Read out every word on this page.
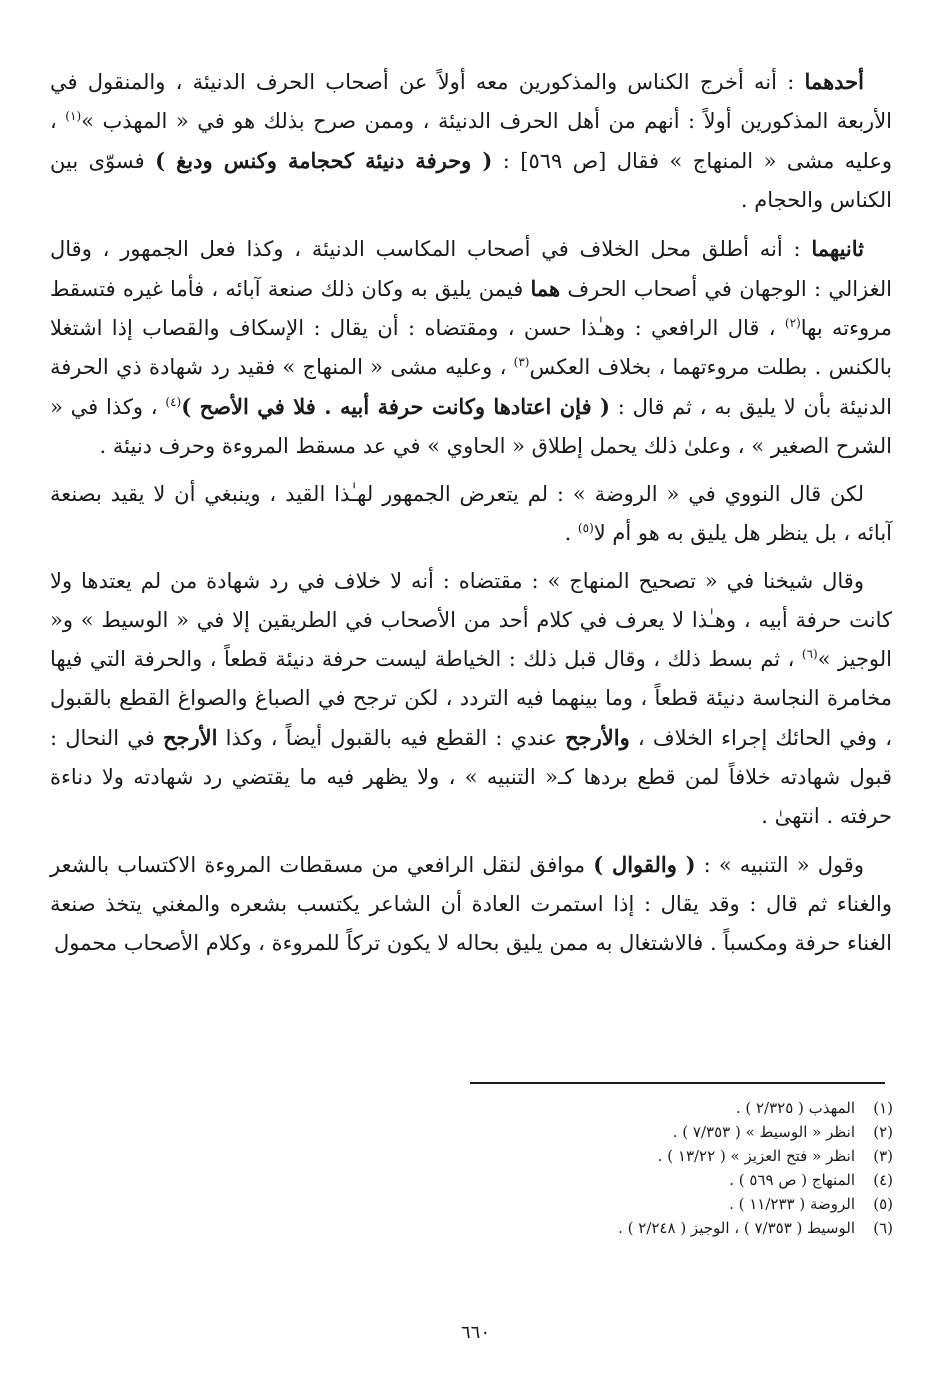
أحدهما : أنه أخرج الكناس والمذكورين معه أولاً عن أصحاب الحرف الدنيئة ، والمنقول في الأربعة المذكورين أولاً : أنهم من أهل الحرف الدنيئة ، وممن صرح بذلك هو في « المهذب »$^{(١)}$ ، وعليه مشى « المنهاج » فقال [ص ٥٦٩] : ( وحرفة دنيئة كحجامة وكنس ودبغ ) فسوّى بين الكناس والحجام .

ثانيهما : أنه أطلق محل الخلاف في أصحاب المكاسب الدنيئة ، وكذا فعل الجمهور ، وقال الغزالي : الوجهان في أصحاب الحرف هما فيمن يليق به وكان ذلك صنعة آبائه ، فأما غيره فتسقط مروءته بها$^{(٢)}$ ، قال الرافعي : وهـٰذا حسن ، ومقتضاه : أن يقال : الإسكاف والقصاب إذا اشتغلا بالكنس . بطلت مروءتهما ، بخلاف العكس$^{(٣)}$ ، وعليه مشى « المنهاج » فقيد رد شهادة ذي الحرفة الدنيئة بأن لا يليق به ، ثم قال : ( فإن اعتادها وكانت حرفة أبيه . فلا في الأصح )$^{(٤)}$ ، وكذا في « الشرح الصغير » ، وعلىٰ ذلك يحمل إطلاق « الحاوي » في عد مسقط المروءة وحرف دنيئة .

لكن قال النووي في « الروضة » : لم يتعرض الجمهور لهـٰذا القيد ، وينبغي أن لا يقيد بصنعة آبائه ، بل ينظر هل يليق به هو أم لا$^{(٥)}$ .

وقال شيخنا في « تصحيح المنهاج » : مقتضاه : أنه لا خلاف في رد شهادة من لم يعتدها ولا كانت حرفة أبيه ، وهـٰذا لا يعرف في كلام أحد من الأصحاب في الطريقين إلا في « الوسيط » و« الوجيز »$^{(٦)}$ ، ثم بسط ذلك ، وقال قبل ذلك : الخياطة ليست حرفة دنيئة قطعاً ، والحرفة التي فيها مخامرة النجاسة دنيئة قطعاً ، وما بينهما فيه التردد ، لكن ترجح في الصباغ والصواغ القطع بالقبول ، وفي الحائك إجراء الخلاف ، والأرجح عندي : القطع فيه بالقبول أيضاً ، وكذا الأرجح في النحال : قبول شهادته خلافاً لمن قطع بردها كـ« التنبيه » ، ولا يظهر فيه ما يقتضي رد شهادته ولا دناءة حرفته . انتهىٰ .

وقول « التنبيه » : ( والقوال ) موافق لنقل الرافعي من مسقطات المروءة الاكتساب بالشعر والغناء ثم قال : وقد يقال : إذا استمرت العادة أن الشاعر يكتسب بشعره والمغني يتخذ صنعة الغناء حرفة ومكسباً . فالاشتغال به ممن يليق بحاله لا يكون تركاً للمروءة ، وكلام الأصحاب محمول

(١)
المهذب ( ٢/٣٢٥ ) .
(٢)
انظر « الوسيط » ( ٧/٣٥٣ ) .
(٣)
انظر « فتح العزيز » ( ١٣/٢٢ ) .
(٤)
المنهاج ( ص ٥٦٩ ) .
(٥)
الروضة ( ١١/٢٣٣ ) .
(٦)
الوسيط ( ٧/٣٥٣ ) ، الوجيز ( ٢/٢٤٨ ) .
٦٦٠
